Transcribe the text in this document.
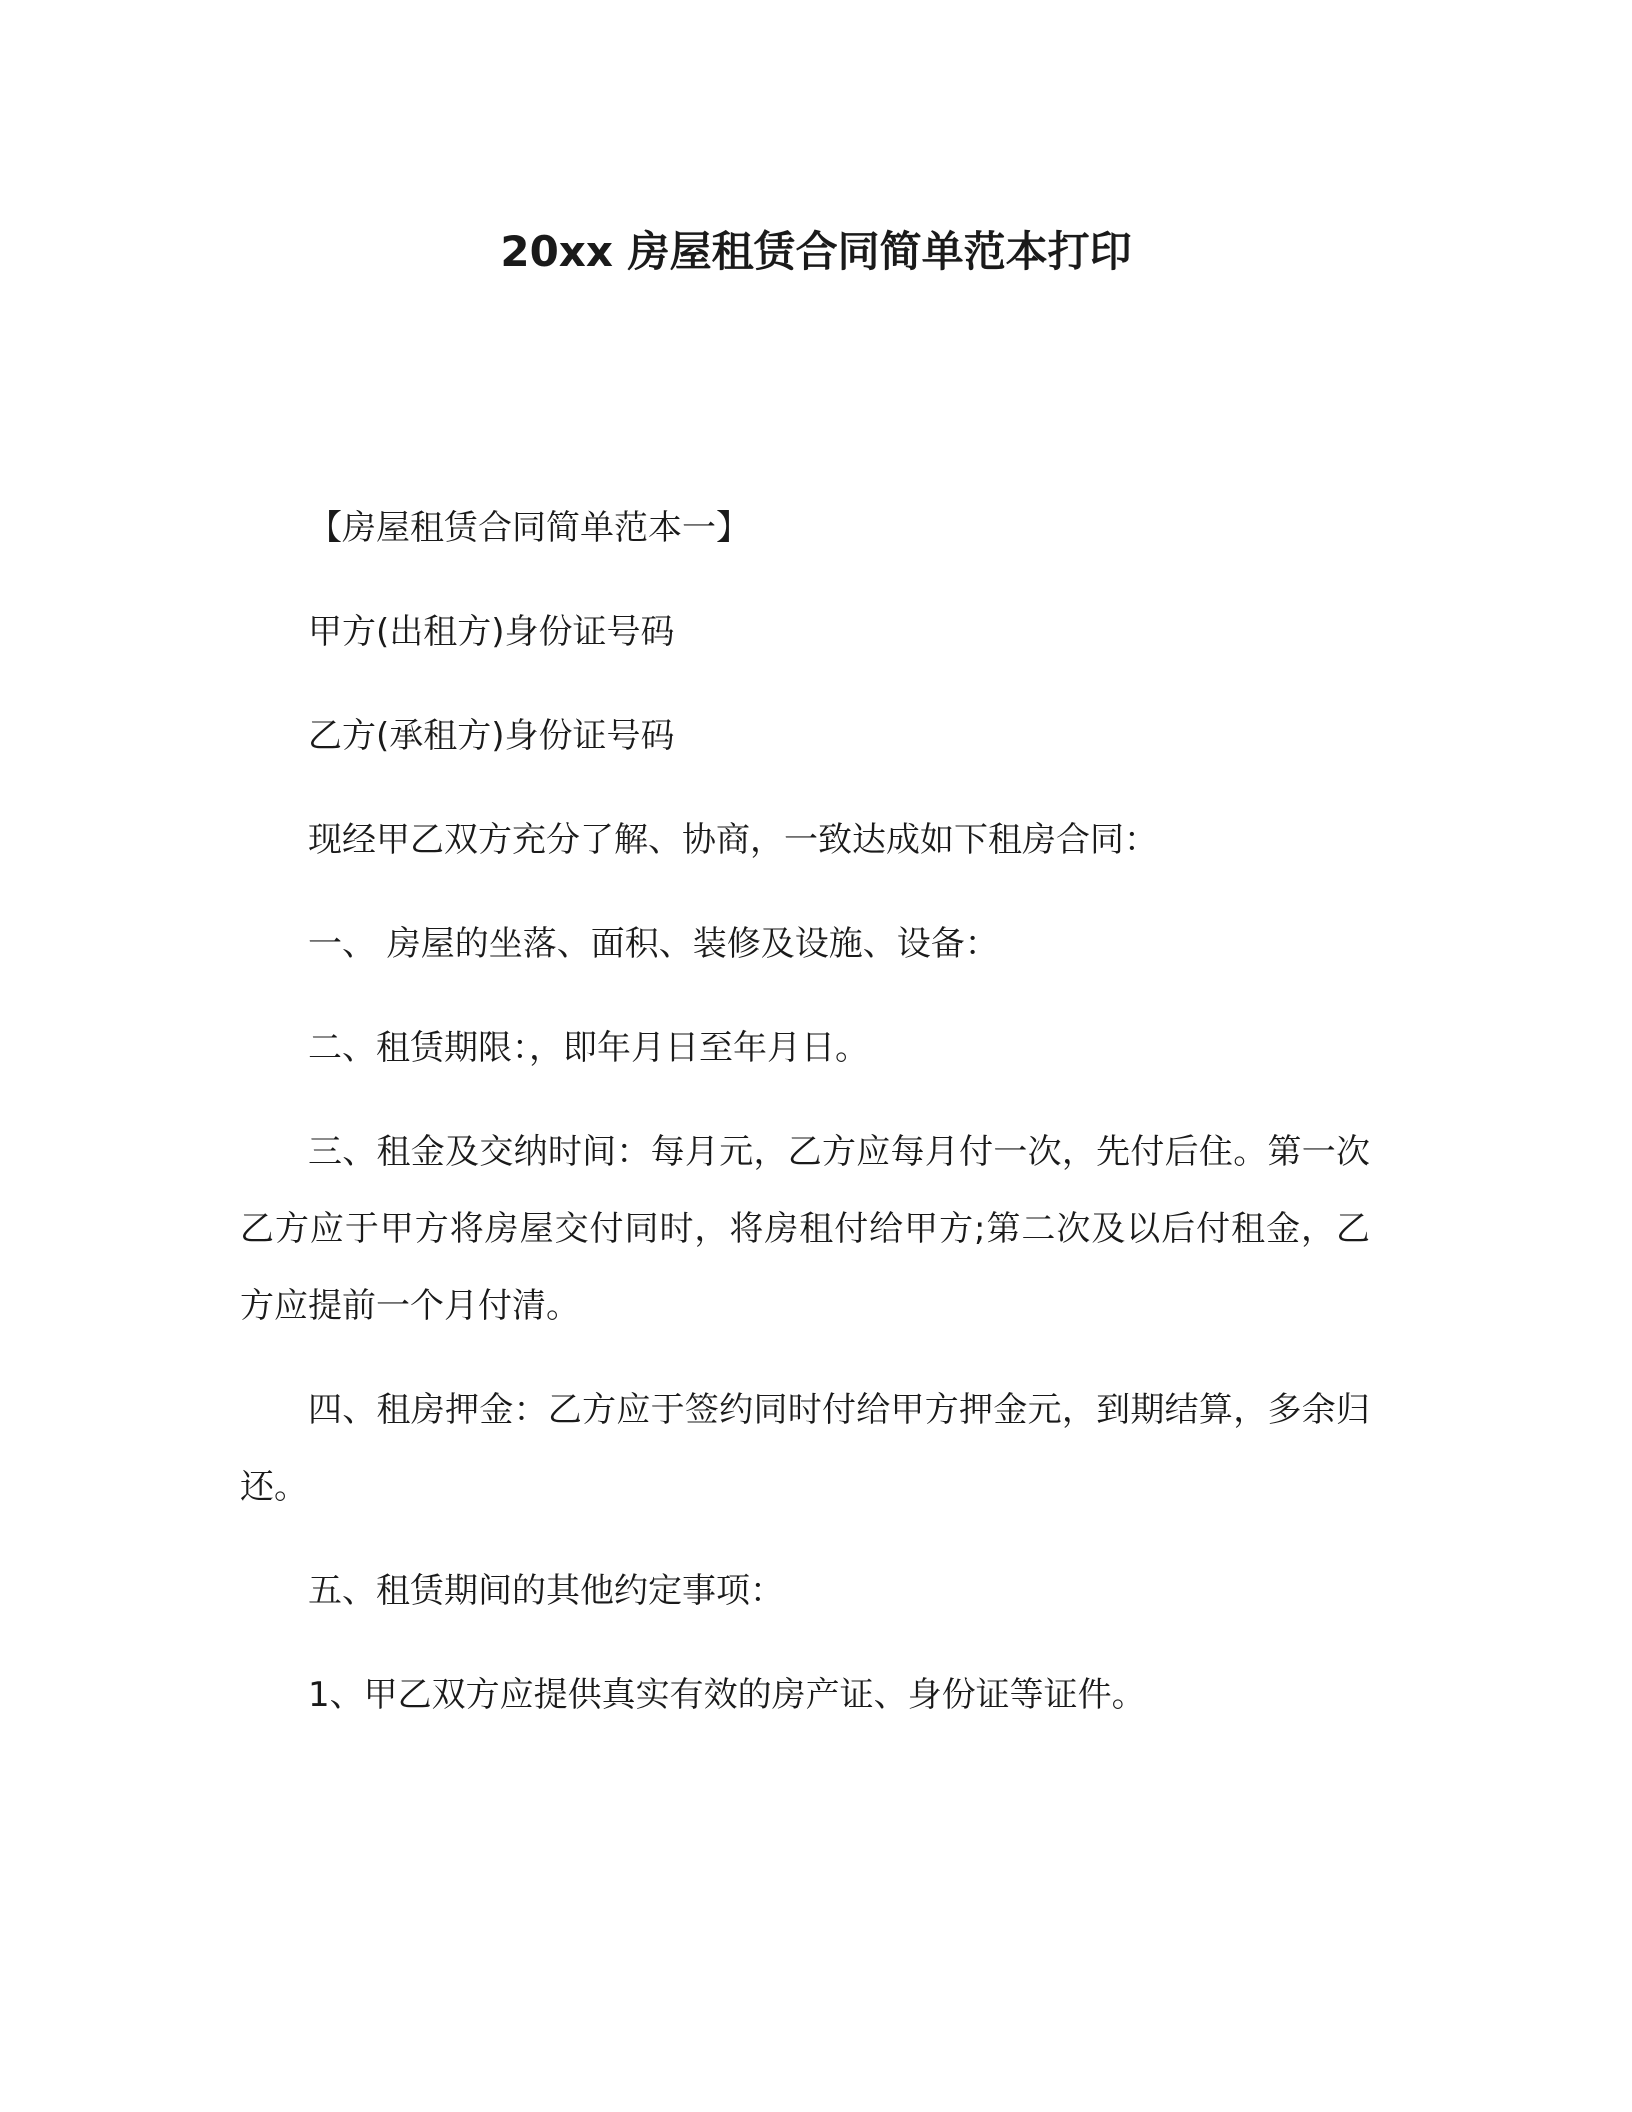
20xx 房屋租赁合同简单范本打印

【房屋租赁合同简单范本一】

甲方(出租方)身份证号码

乙方(承租方)身份证号码

现经甲乙双方充分了解、协商，一致达成如下租房合同：

一、 房屋的坐落、面积、装修及设施、设备：

二、租赁期限：，即年月日至年月日。

三、租金及交纳时间：每月元，乙方应每月付一次，先付后住。第一次乙方应于甲方将房屋交付同时，将房租付给甲方;第二次及以后付租金，乙方应提前一个月付清。

四、租房押金：乙方应于签约同时付给甲方押金元，到期结算，多余归还。

五、租赁期间的其他约定事项：

1、甲乙双方应提供真实有效的房产证、身份证等证件。
